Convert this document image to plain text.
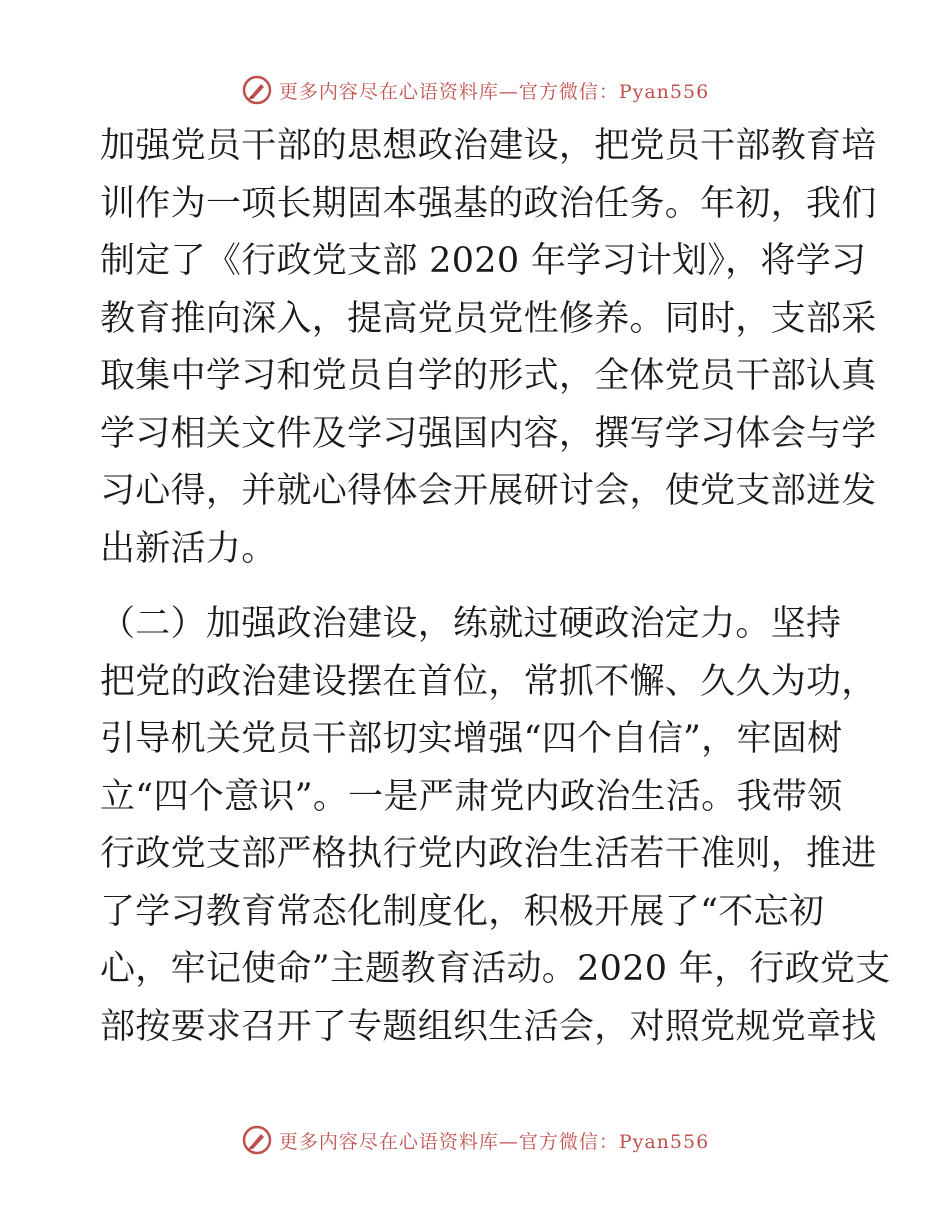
更多内容尽在心语资料库—官方微信：Pyan556
加强党员干部的思想政治建设，把党员干部教育培
训作为一项长期固本强基的政治任务。年初，我们
制定了《行政党支部 2020 年学习计划》，将学习
教育推向深入，提高党员党性修养。同时，支部采
取集中学习和党员自学的形式，全体党员干部认真
学习相关文件及学习强国内容，撰写学习体会与学
习心得，并就心得体会开展研讨会，使党支部迸发
出新活力。
（二）加强政治建设，练就过硬政治定力。坚持
把党的政治建设摆在首位，常抓不懈、久久为功，
引导机关党员干部切实增强“四个自信”，牢固树
立“四个意识”。一是严肃党内政治生活。我带领
行政党支部严格执行党内政治生活若干准则，推进
了学习教育常态化制度化，积极开展了“不忘初
心，牢记使命”主题教育活动。2020 年，行政党支
部按要求召开了专题组织生活会，对照党规党章找
更多内容尽在心语资料库—官方微信：Pyan556
